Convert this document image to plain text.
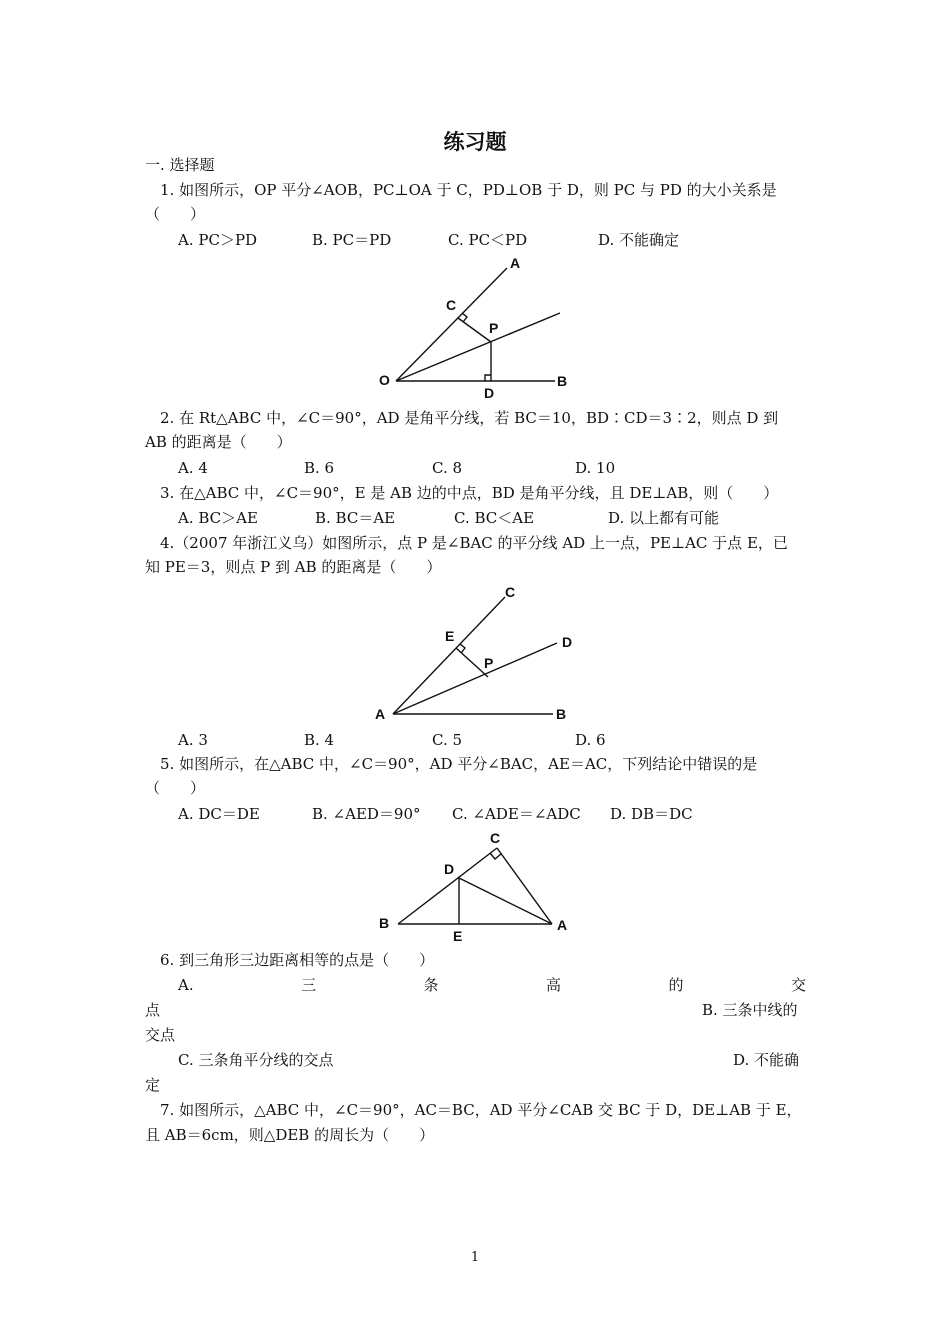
练习题
一. 选择题
1. 如图所示，OP 平分∠AOB，PC⊥OA 于 C，PD⊥OB 于 D，则 PC 与 PD 的大小关系是
（　　）
A. PC＞PD	B. PC＝PD	C. PC＜PD	D. 不能确定
A
C
P
O
D
B
2. 在 Rt△ABC 中，∠C＝90°，AD 是角平分线，若 BC＝10，BD∶CD＝3∶2，则点 D 到
AB 的距离是（　　）
A. 4	B. 6	C. 8	D. 10
3. 在△ABC 中，∠C＝90°，E 是 AB 边的中点，BD 是角平分线，且 DE⊥AB，则（　　）
A. BC＞AE	B. BC＝AE	C. BC＜AE	D. 以上都有可能
4.（2007 年浙江义乌）如图所示，点 P 是∠BAC 的平分线 AD 上一点，PE⊥AC 于点 E，已
知 PE＝3，则点 P 到 AB 的距离是（　　）
C
E	D
P
A	B
A. 3	B. 4	C. 5	D. 6
5. 如图所示，在△ABC 中，∠C＝90°，AD 平分∠BAC，AE＝AC，下列结论中错误的是
（　　）
A. DC＝DE	B. ∠AED＝90° C. ∠ADE＝∠ADC D. DB＝DC
C
D
B
E
A
6. 到三角形三边距离相等的点是（　　）
A.	三	条	高	的	交
点	B. 三条中线的
交点
C. 三条角平分线的交点	D. 不能确
定
7. 如图所示，△ABC 中，∠C＝90°，AC＝BC，AD 平分∠CAB 交 BC 于 D，DE⊥AB 于 E，
且 AB＝6cm，则△DEB 的周长为（　　）
1
